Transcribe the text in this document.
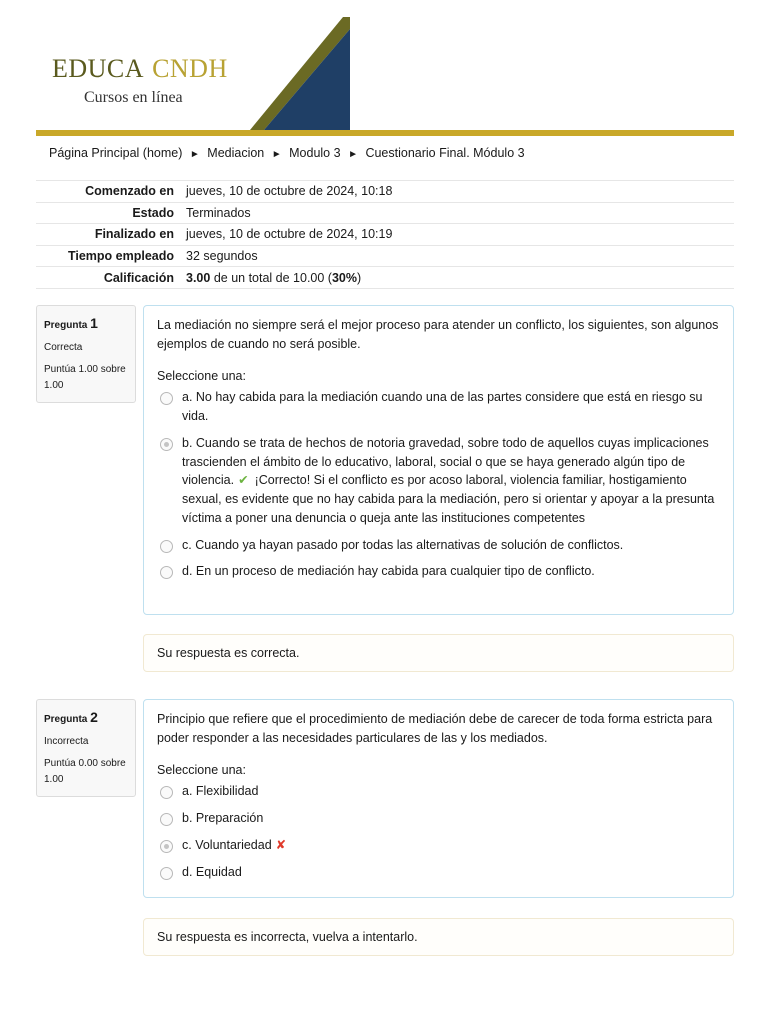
EDUCA CNDH
Cursos en línea
Página Principal (home) ► Mediacion ► Modulo 3 ► Cuestionario Final. Módulo 3
Comenzado en	jueves, 10 de octubre de 2024, 10:18
Estado	Terminados
Finalizado en	jueves, 10 de octubre de 2024, 10:19
Tiempo empleado	32 segundos
Calificación	3.00 de un total de 10.00 (30%)
Pregunta 1
Correcta
Puntúa 1.00 sobre 1.00

La mediación no siempre será el mejor proceso para atender un conflicto, los siguientes, son algunos ejemplos de cuando no será posible.

Seleccione una:

a. No hay cabida para la mediación cuando una de las partes considere que está en riesgo su vida.
b. Cuando se trata de hechos de notoria gravedad, sobre todo de aquellos cuyas implicaciones trascienden el ámbito de lo educativo, laboral, social o que se haya generado algún tipo de violencia. ✔ ¡Correcto! Si el conflicto es por acoso laboral, violencia familiar, hostigamiento sexual, es evidente que no hay cabida para la mediación, pero si orientar y apoyar a la presunta víctima a poner una denuncia o queja ante las instituciones competentes
c. Cuando ya hayan pasado por todas las alternativas de solución de conflictos.
d. En un proceso de mediación hay cabida para cualquier tipo de conflicto.
Su respuesta es correcta.
Pregunta 2
Incorrecta
Puntúa 0.00 sobre 1.00

Principio que refiere que el procedimiento de mediación debe de carecer de toda forma estricta para poder responder a las necesidades particulares de las y los mediados.

Seleccione una:

a. Flexibilidad
b. Preparación
c. Voluntariedad ✘
d. Equidad
Su respuesta es incorrecta, vuelva a intentarlo.
